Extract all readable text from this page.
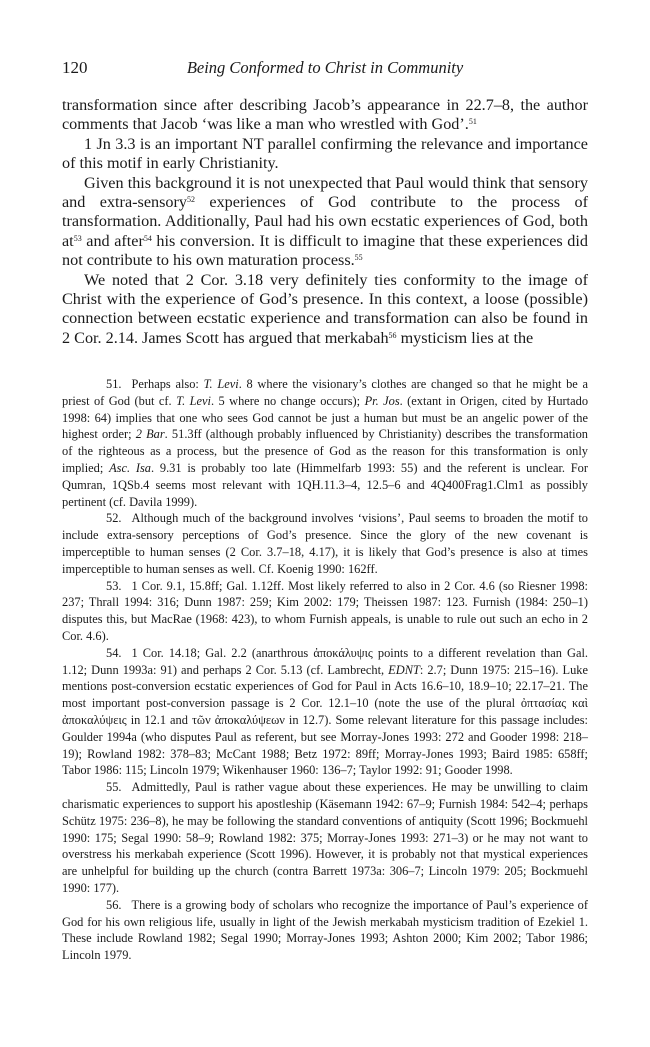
120	Being Conformed to Christ in Community

transformation since after describing Jacob’s appearance in 22.7–8, the author comments that Jacob ‘was like a man who wrestled with God’.$^{51}$

1 Jn 3.3 is an important NT parallel confirming the relevance and importance of this motif in early Christianity.

Given this background it is not unexpected that Paul would think that sensory and extra-sensory$^{52}$ experiences of God contribute to the process of transformation. Additionally, Paul had his own ecstatic experiences of God, both $at^{53}$ and after$^{54}$ his conversion. It is difficult to imagine that these experiences did not contribute to his own maturation process.$^{55}$

We noted that 2 Cor. 3.18 very definitely ties conformity to the image of Christ with the experience of God’s presence. In this context, a loose (possible) connection between ecstatic experience and transformation can also be found in 2 Cor. 2.14. James Scott has argued that merkabah$^{56}$ mysticism lies at the

51. Perhaps also: T. Levi. 8 where the visionary’s clothes are changed so that he might be a priest of God (but cf. T. Levi. 5 where no change occurs); Pr. Jos. (extant in Origen, cited by Hurtado 1998: 64) implies that one who sees God cannot be just a human but must be an angelic power of the highest order; 2 Bar. 51.3ff (although probably influenced by Christianity) describes the transformation of the righteous as a process, but the presence of God as the reason for this transformation is only implied; Asc. Isa. 9.31 is probably too late (Himmelfarb 1993: 55) and the referent is unclear. For Qumran, 1QSb.4 seems most relevant with 1QH.11.3–4, 12.5–6 and 4Q400Frag1.Clm1 as possibly pertinent (cf. Davila 1999).

52. Although much of the background involves ‘visions’, Paul seems to broaden the motif to include extra-sensory perceptions of God’s presence. Since the glory of the new covenant is imperceptible to human senses (2 Cor. 3.7–18, 4.17), it is likely that God’s presence is also at times imperceptible to human senses as well. Cf. Koenig 1990: 162ff.

53. 1 Cor. 9.1, 15.8ff; Gal. 1.12ff. Most likely referred to also in 2 Cor. 4.6 (so Riesner 1998: 237; Thrall 1994: 316; Dunn 1987: 259; Kim 2002: 179; Theissen 1987: 123. Furnish (1984: 250–1) disputes this, but MacRae (1968: 423), to whom Furnish appeals, is unable to rule out such an echo in 2 Cor. 4.6).

54. 1 Cor. 14.18; Gal. 2.2 (anarthrous ἀποκάλυψις points to a different revelation than Gal. 1.12; Dunn 1993a: 91) and perhaps 2 Cor. 5.13 (cf. Lambrecht, EDNT: 2.7; Dunn 1975: 215–16). Luke mentions post-conversion ecstatic experiences of God for Paul in Acts 16.6–10, 18.9–10; 22.17–21. The most important post-conversion passage is 2 Cor. 12.1–10 (note the use of the plural ὀπτασίας καὶ ἀποκαλύψεις in 12.1 and τῶν ἀποκαλύψεων in 12.7). Some relevant literature for this passage includes: Goulder 1994a (who disputes Paul as referent, but see Morray-Jones 1993: 272 and Gooder 1998: 218–19); Rowland 1982: 378–83; McCant 1988; Betz 1972: 89ff; Morray-Jones 1993; Baird 1985: 658ff; Tabor 1986: 115; Lincoln 1979; Wikenhauser 1960: 136–7; Taylor 1992: 91; Gooder 1998.

55. Admittedly, Paul is rather vague about these experiences. He may be unwilling to claim charismatic experiences to support his apostleship (Käsemann 1942: 67–9; Furnish 1984: 542–4; perhaps Schütz 1975: 236–8), he may be following the standard conventions of antiquity (Scott 1996; Bockmuehl 1990: 175; Segal 1990: 58–9; Rowland 1982: 375; Morray-Jones 1993: 271–3) or he may not want to overstress his merkabah experience (Scott 1996). However, it is probably not that mystical experiences are unhelpful for building up the church (contra Barrett 1973a: 306–7; Lincoln 1979: 205; Bockmuehl 1990: 177).

56. There is a growing body of scholars who recognize the importance of Paul’s experience of God for his own religious life, usually in light of the Jewish merkabah mysticism tradition of Ezekiel 1. These include Rowland 1982; Segal 1990; Morray-Jones 1993; Ashton 2000; Kim 2002; Tabor 1986; Lincoln 1979.
